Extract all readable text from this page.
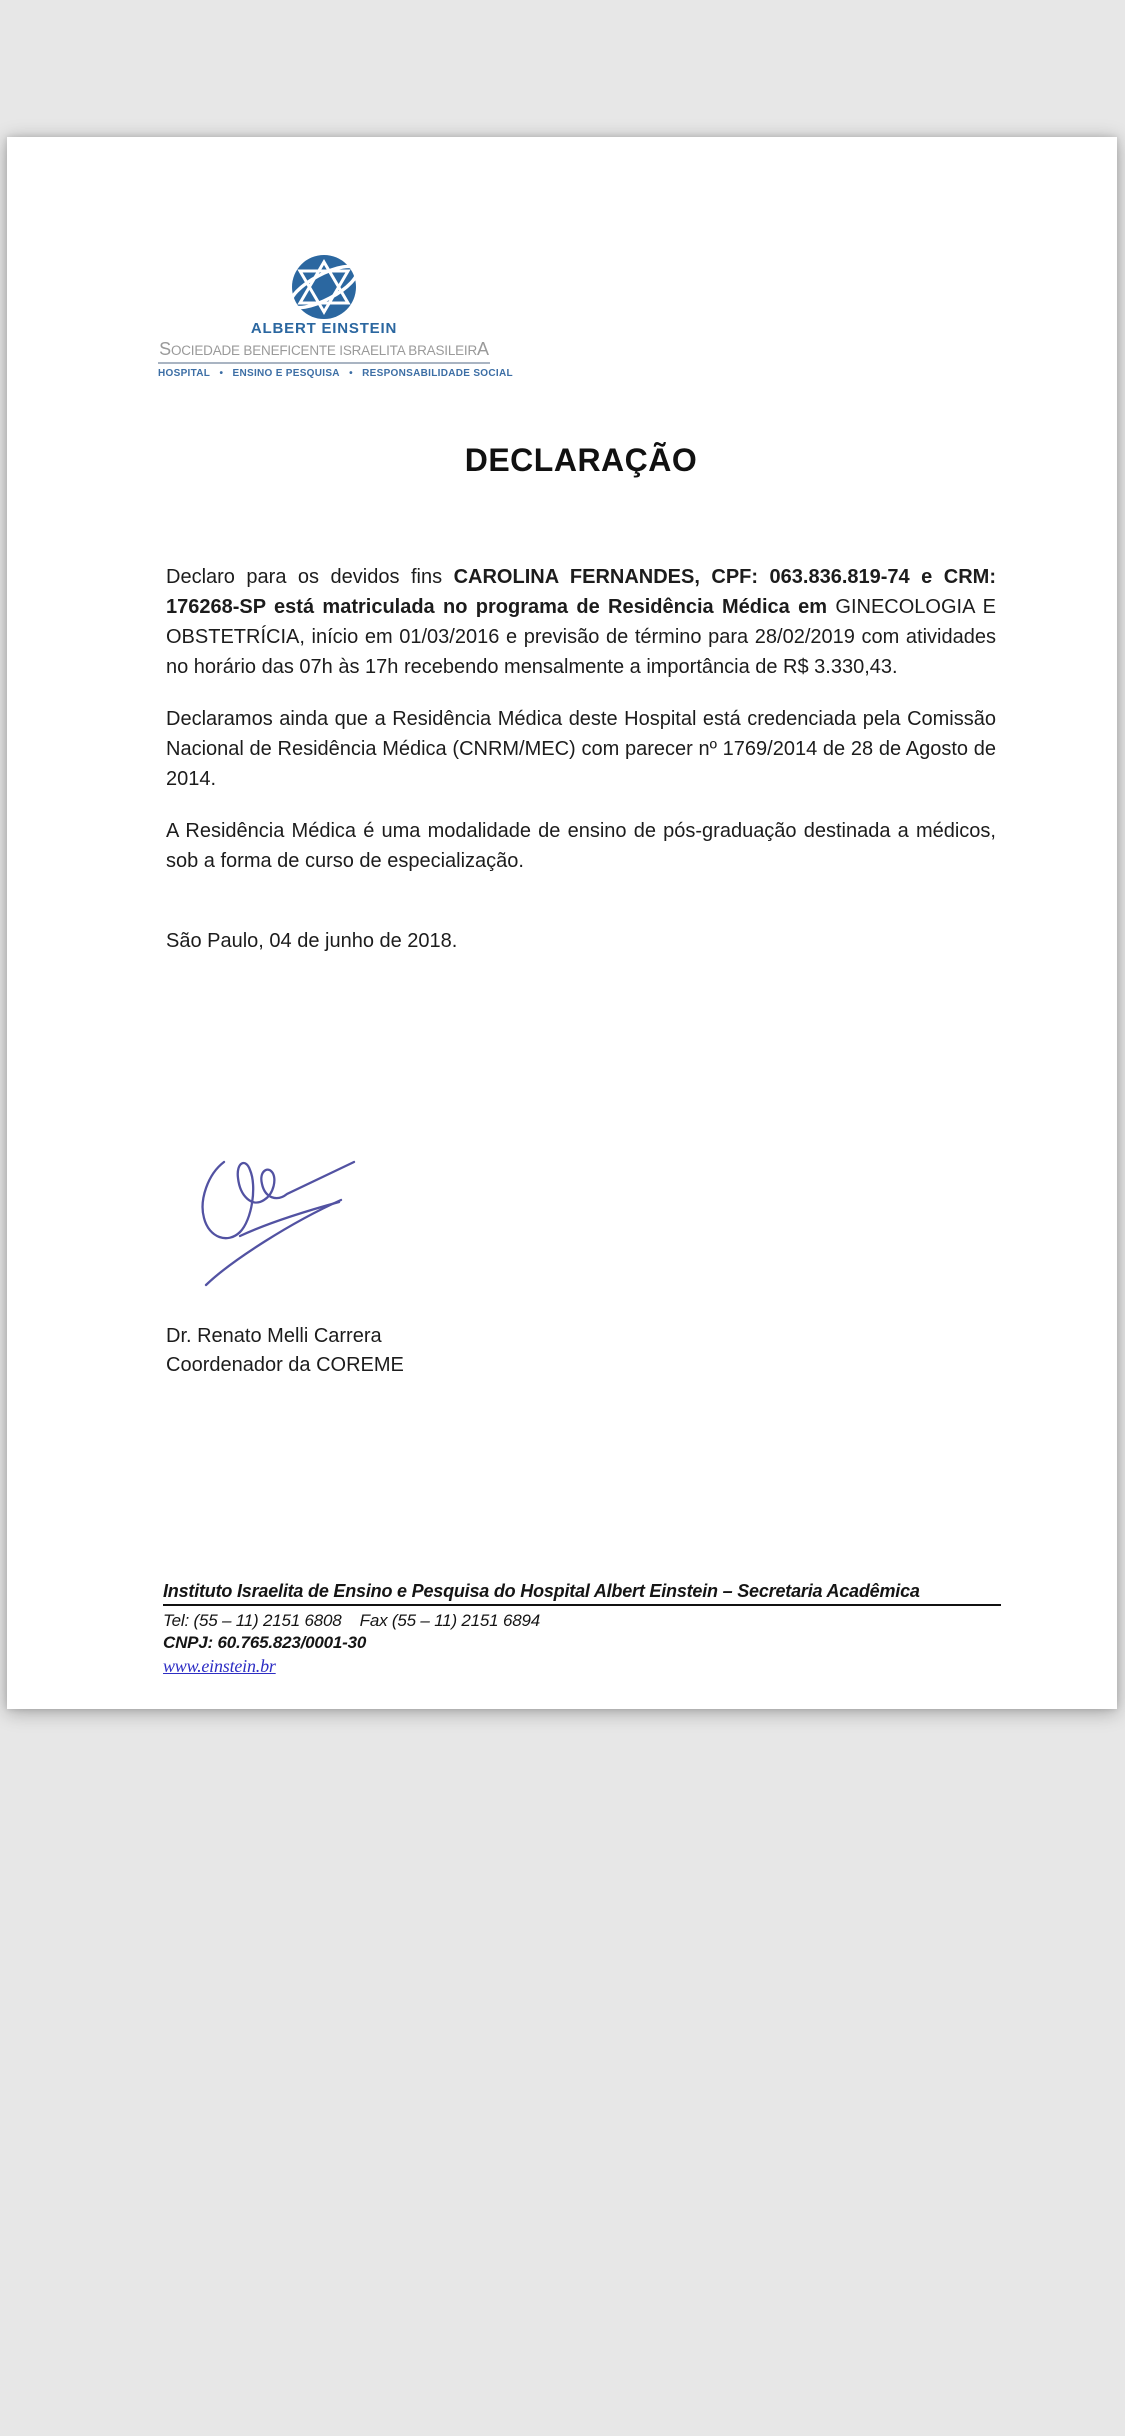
ALBERT EINSTEIN
SOCIEDADE BENEFICENTE ISRAELITA BRASILEIRA
HOSPITAL   •   ENSINO E PESQUISA   •   RESPONSABILIDADE SOCIAL
DECLARAÇÃO

Declaro para os devidos fins CAROLINA FERNANDES, CPF: 063.836.819-74 e CRM: 176268-SP está matriculada no programa de Residência Médica em GINECOLOGIA E OBSTETRÍCIA, início em 01/03/2016 e previsão de término para 28/02/2019 com atividades no horário das 07h às 17h recebendo mensalmente a importância de R$ 3.330,43.

Declaramos ainda que a Residência Médica deste Hospital está credenciada pela Comissão Nacional de Residência Médica (CNRM/MEC) com parecer nº 1769/2014 de 28 de Agosto de 2014.

A Residência Médica é uma modalidade de ensino de pós-graduação destinada a médicos, sob a forma de curso de especialização.

São Paulo, 04 de junho de 2018.

Dr. Renato Melli Carrera
Coordenador da COREME
Instituto Israelita de Ensino e Pesquisa do Hospital Albert Einstein – Secretaria Acadêmica
Tel: (55 – 11) 2151 6808    Fax (55 – 11) 2151 6894
CNPJ: 60.765.823/0001-30
www.einstein.br
